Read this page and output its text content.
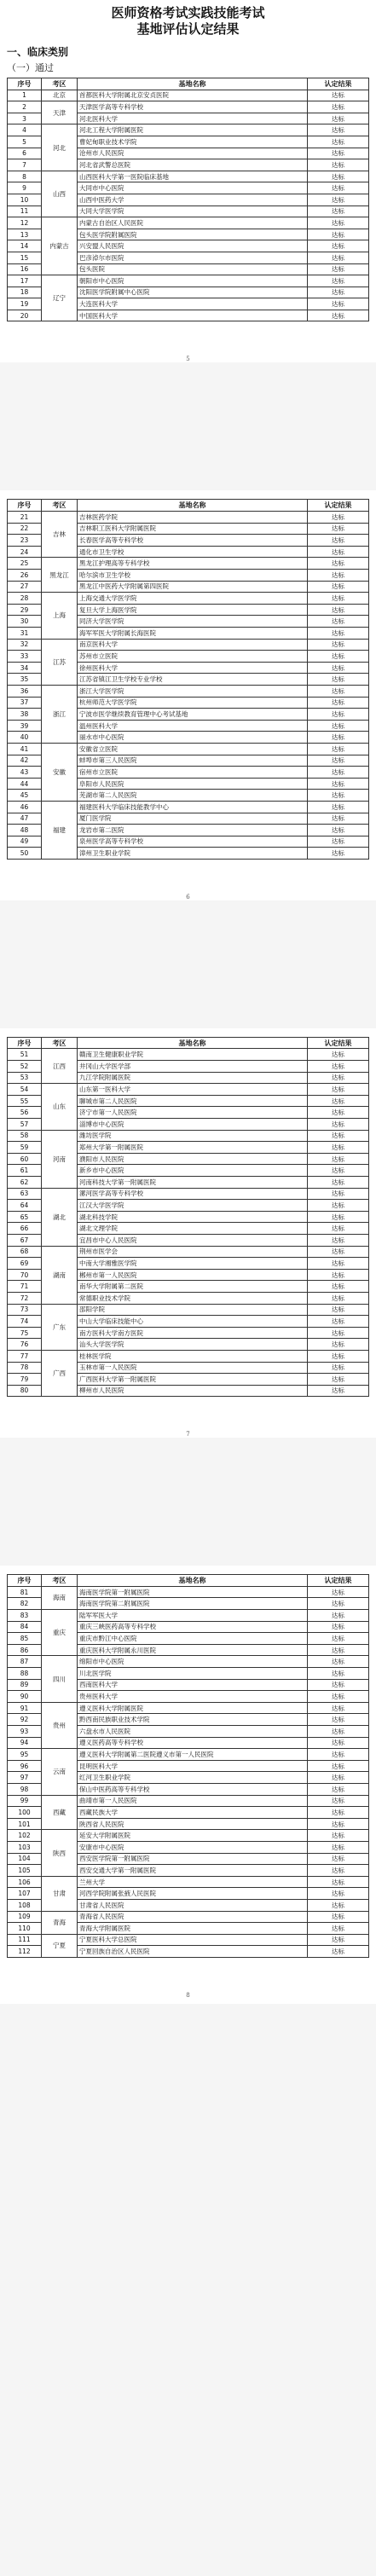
医师资格考试实践技能考试
基地评估认定结果
一、临床类别
（一）通过
序号	考区	基地名称	认定结果
1	北京	首都医科大学附属北京安贞医院	达标
2	天津	天津医学高等专科学校	达标
3		河北医科大学	达标
4	河北	河北工程大学附属医院	达标
5		曹妃甸职业技术学院	达标
6		沧州市人民医院	达标
7		河北省武警总医院	达标
8	山西	山西医科大学第一医院临床基地	达标
9		大同市中心医院	达标
10		山西中医药大学	达标
11		大同大学医学院	达标
12	内蒙古	内蒙古自治区人民医院	达标
13		包头医学院附属医院	达标
14		兴安盟人民医院	达标
15		巴彦淖尔市医院	达标
16		包头医院	达标
17	辽宁	朝阳市中心医院	达标
18		沈阳医学院附属中心医院	达标
19		大连医科大学	达标
20		中国医科大学	达标
5
序号	考区	基地名称	认定结果
21	吉林	吉林医药学院	达标
22		吉林职工医科大学附属医院	达标
23		长春医学高等专科学校	达标
24		通化市卫生学校	达标
25	黑龙江	黑龙江护理高等专科学校	达标
26		哈尔滨市卫生学校	达标
27		黑龙江中医药大学附属第四医院	达标
28	上海	上海交通大学医学院	达标
29		复旦大学上海医学院	达标
30		同济大学医学院	达标
31		海军军医大学附属长海医院	达标
32	江苏	南京医科大学	达标
33		苏州市立医院	达标
34		徐州医科大学	达标
35		江苏省镇江卫生学校专业学校	达标
36	浙江	浙江大学医学院	达标
37		杭州师范大学医学院	达标
38		宁波市医学继续教育管理中心考试基地	达标
39		温州医科大学	达标
40		丽水市中心医院	达标
41	安徽	安徽省立医院	达标
42		蚌埠市第三人民医院	达标
43		宿州市立医院	达标
44		阜阳市人民医院	达标
45		芜湖市第二人民医院	达标
46	福建	福建医科大学临床技能教学中心	达标
47		厦门医学院	达标
48		龙岩市第二医院	达标
49		泉州医学高等专科学校	达标
50		漳州卫生职业学院	达标
6
序号	考区	基地名称	认定结果
51	江西	赣南卫生健康职业学院	达标
52		井冈山大学医学部	达标
53		九江学院附属医院	达标
54	山东	山东第一医科大学	达标
55		聊城市第二人民医院	达标
56		济宁市第一人民医院	达标
57		淄博市中心医院	达标
58	河南	潍坊医学院	达标
59		郑州大学第一附属医院	达标
60		濮阳市人民医院	达标
61		新乡市中心医院	达标
62		河南科技大学第一附属医院	达标
63	湖北	漯河医学高等专科学校	达标
64		江汉大学医学院	达标
65		湖北科技学院	达标
66		湖北文理学院	达标
67		宜昌市中心人民医院	达标
68	湖南	荆州市医学会	达标
69		中南大学湘雅医学院	达标
70		郴州市第一人民医院	达标
71		南华大学附属第二医院	达标
72		常德职业技术学院	达标
73	广东	邵阳学院	达标
74		中山大学临床技能中心	达标
75		南方医科大学南方医院	达标
76		汕头大学医学院	达标
77	广西	桂林医学院	达标
78		玉林市第一人民医院	达标
79		广西医科大学第一附属医院	达标
80		柳州市人民医院	达标
7
序号	考区	基地名称	认定结果
81	海南	海南医学院第一附属医院	达标
82		海南医学院第二附属医院	达标
83	重庆	陆军军医大学	达标
84		重庆三峡医药高等专科学校	达标
85		重庆市黔江中心医院	达标
86		重庆医科大学附属永川医院	达标
87	四川	绵阳市中心医院	达标
88		川北医学院	达标
89		西南医科大学	达标
90		贵州医科大学	达标
91	贵州	遵义医科大学附属医院	达标
92		黔西南民族职业技术学院	达标
93		六盘水市人民医院	达标
94		遵义医药高等专科学校	达标
95	云南	遵义医科大学附属第二医院遵义市第一人民医院	达标
96		昆明医科大学	达标
97		红河卫生职业学院	达标
98		保山中医药高等专科学校	达标
99	西藏	曲靖市第一人民医院	达标
100		西藏民族大学	达标
101		陕西省人民医院	达标
102	陕西	延安大学附属医院	达标
103		安康市中心医院	达标
104		西安医学院第一附属医院	达标
105		西安交通大学第一附属医院	达标
106	甘肃	兰州大学	达标
107		河西学院附属张掖人民医院	达标
108		甘肃省人民医院	达标
109	青海	青海省人民医院	达标
110		青海大学附属医院	达标
111	宁夏	宁夏医科大学总医院	达标
112		宁夏回族自治区人民医院	达标
8
